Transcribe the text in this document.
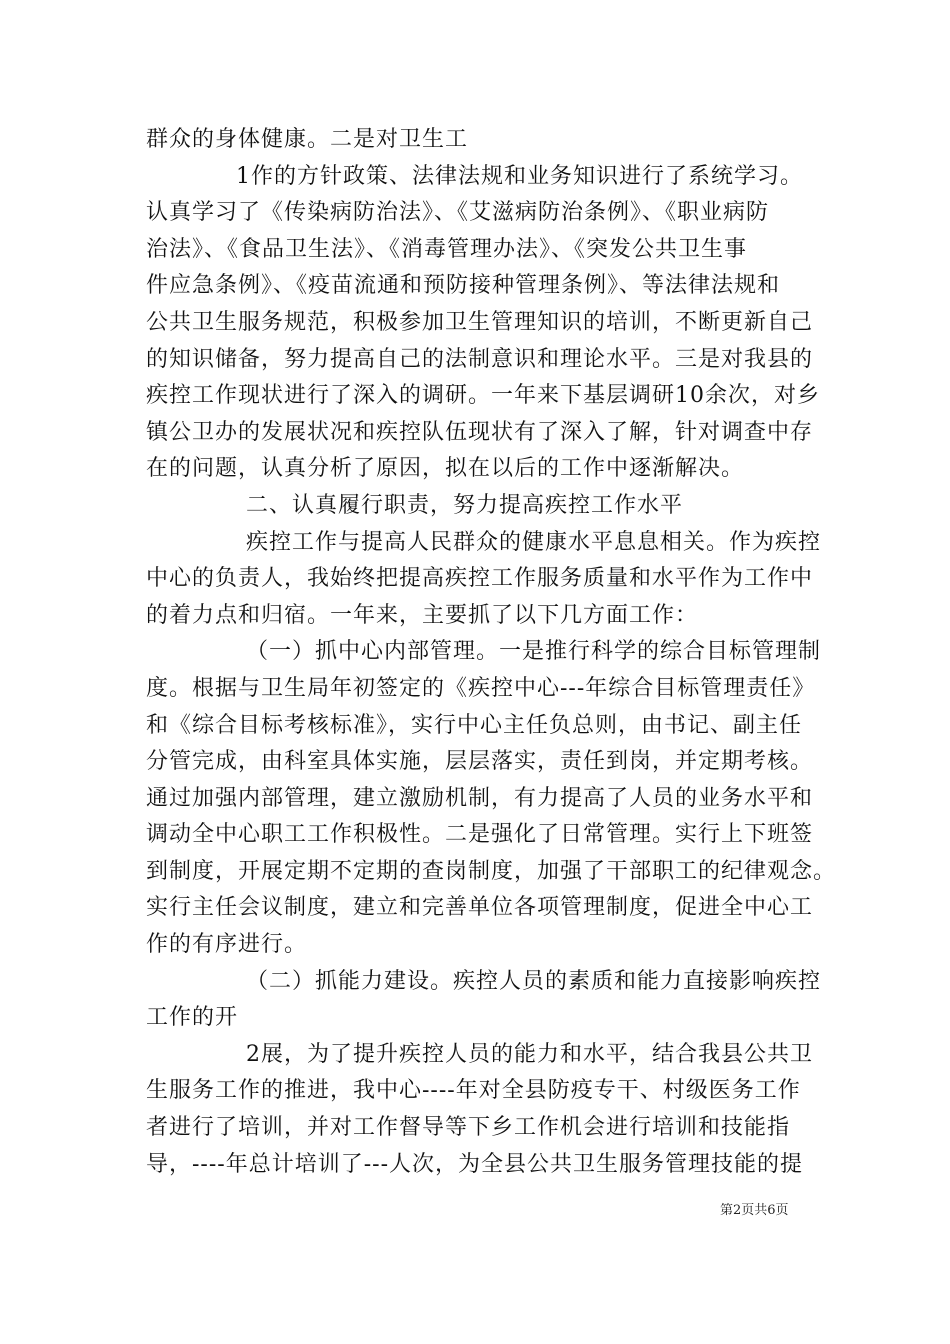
群众的身体健康。二是对卫生工
1作的方针政策、法律法规和业务知识进行了系统学习。
认真学习了《传染病防治法》、《艾滋病防治条例》、《职业病防
治法》、《食品卫生法》、《消毒管理办法》、《突发公共卫生事
件应急条例》、《疫苗流通和预防接种管理条例》、等法律法规和
公共卫生服务规范，积极参加卫生管理知识的培训，不断更新自己
的知识储备，努力提高自己的法制意识和理论水平。三是对我县的
疾控工作现状进行了深入的调研。一年来下基层调研10余次，对乡
镇公卫办的发展状况和疾控队伍现状有了深入了解，针对调查中存
在的问题，认真分析了原因，拟在以后的工作中逐渐解决。
二、认真履行职责，努力提高疾控工作水平
疾控工作与提高人民群众的健康水平息息相关。作为疾控
中心的负责人，我始终把提高疾控工作服务质量和水平作为工作中
的着力点和归宿。一年来，主要抓了以下几方面工作：
（一）抓中心内部管理。一是推行科学的综合目标管理制
度。根据与卫生局年初签定的《疾控中心---年综合目标管理责任》
和《综合目标考核标准》，实行中心主任负总则，由书记、副主任
分管完成，由科室具体实施，层层落实，责任到岗，并定期考核。
通过加强内部管理，建立激励机制，有力提高了人员的业务水平和
调动全中心职工工作积极性。二是强化了日常管理。实行上下班签
到制度，开展定期不定期的查岗制度，加强了干部职工的纪律观念。
实行主任会议制度，建立和完善单位各项管理制度，促进全中心工
作的有序进行。
（二）抓能力建设。疾控人员的素质和能力直接影响疾控
工作的开
2展，为了提升疾控人员的能力和水平，结合我县公共卫
生服务工作的推进，我中心----年对全县防疫专干、村级医务工作
者进行了培训，并对工作督导等下乡工作机会进行培训和技能指
导，----年总计培训了---人次，为全县公共卫生服务管理技能的提
第2页共6页
